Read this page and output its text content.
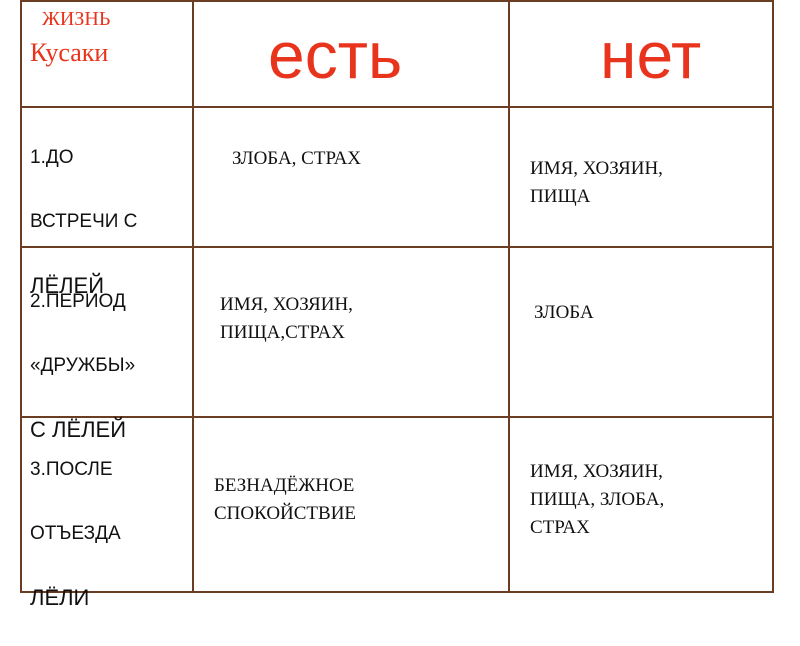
ЖИЗНЬ
Кусаки есть	нет

1.ДО

ВСТРЕЧИ С

ЛЁЛЕЙ

ЗЛОБА, СТРАХ	ИМЯ, ХОЗЯИН,
ПИЩА

2.ПЕРИОД

«ДРУЖБЫ»

С ЛЁЛЕЙ

ИМЯ, ХОЗЯИН,
ПИЩА,СТРАХ
ЗЛОБА

3.ПОСЛЕ

ОТЪЕЗДА

ЛЁЛИ

БЕЗНАДЁЖНОЕ
СПОКОЙСТВИЕ
ИМЯ, ХОЗЯИН,
ПИЩА, ЗЛОБА,
СТРАХ
